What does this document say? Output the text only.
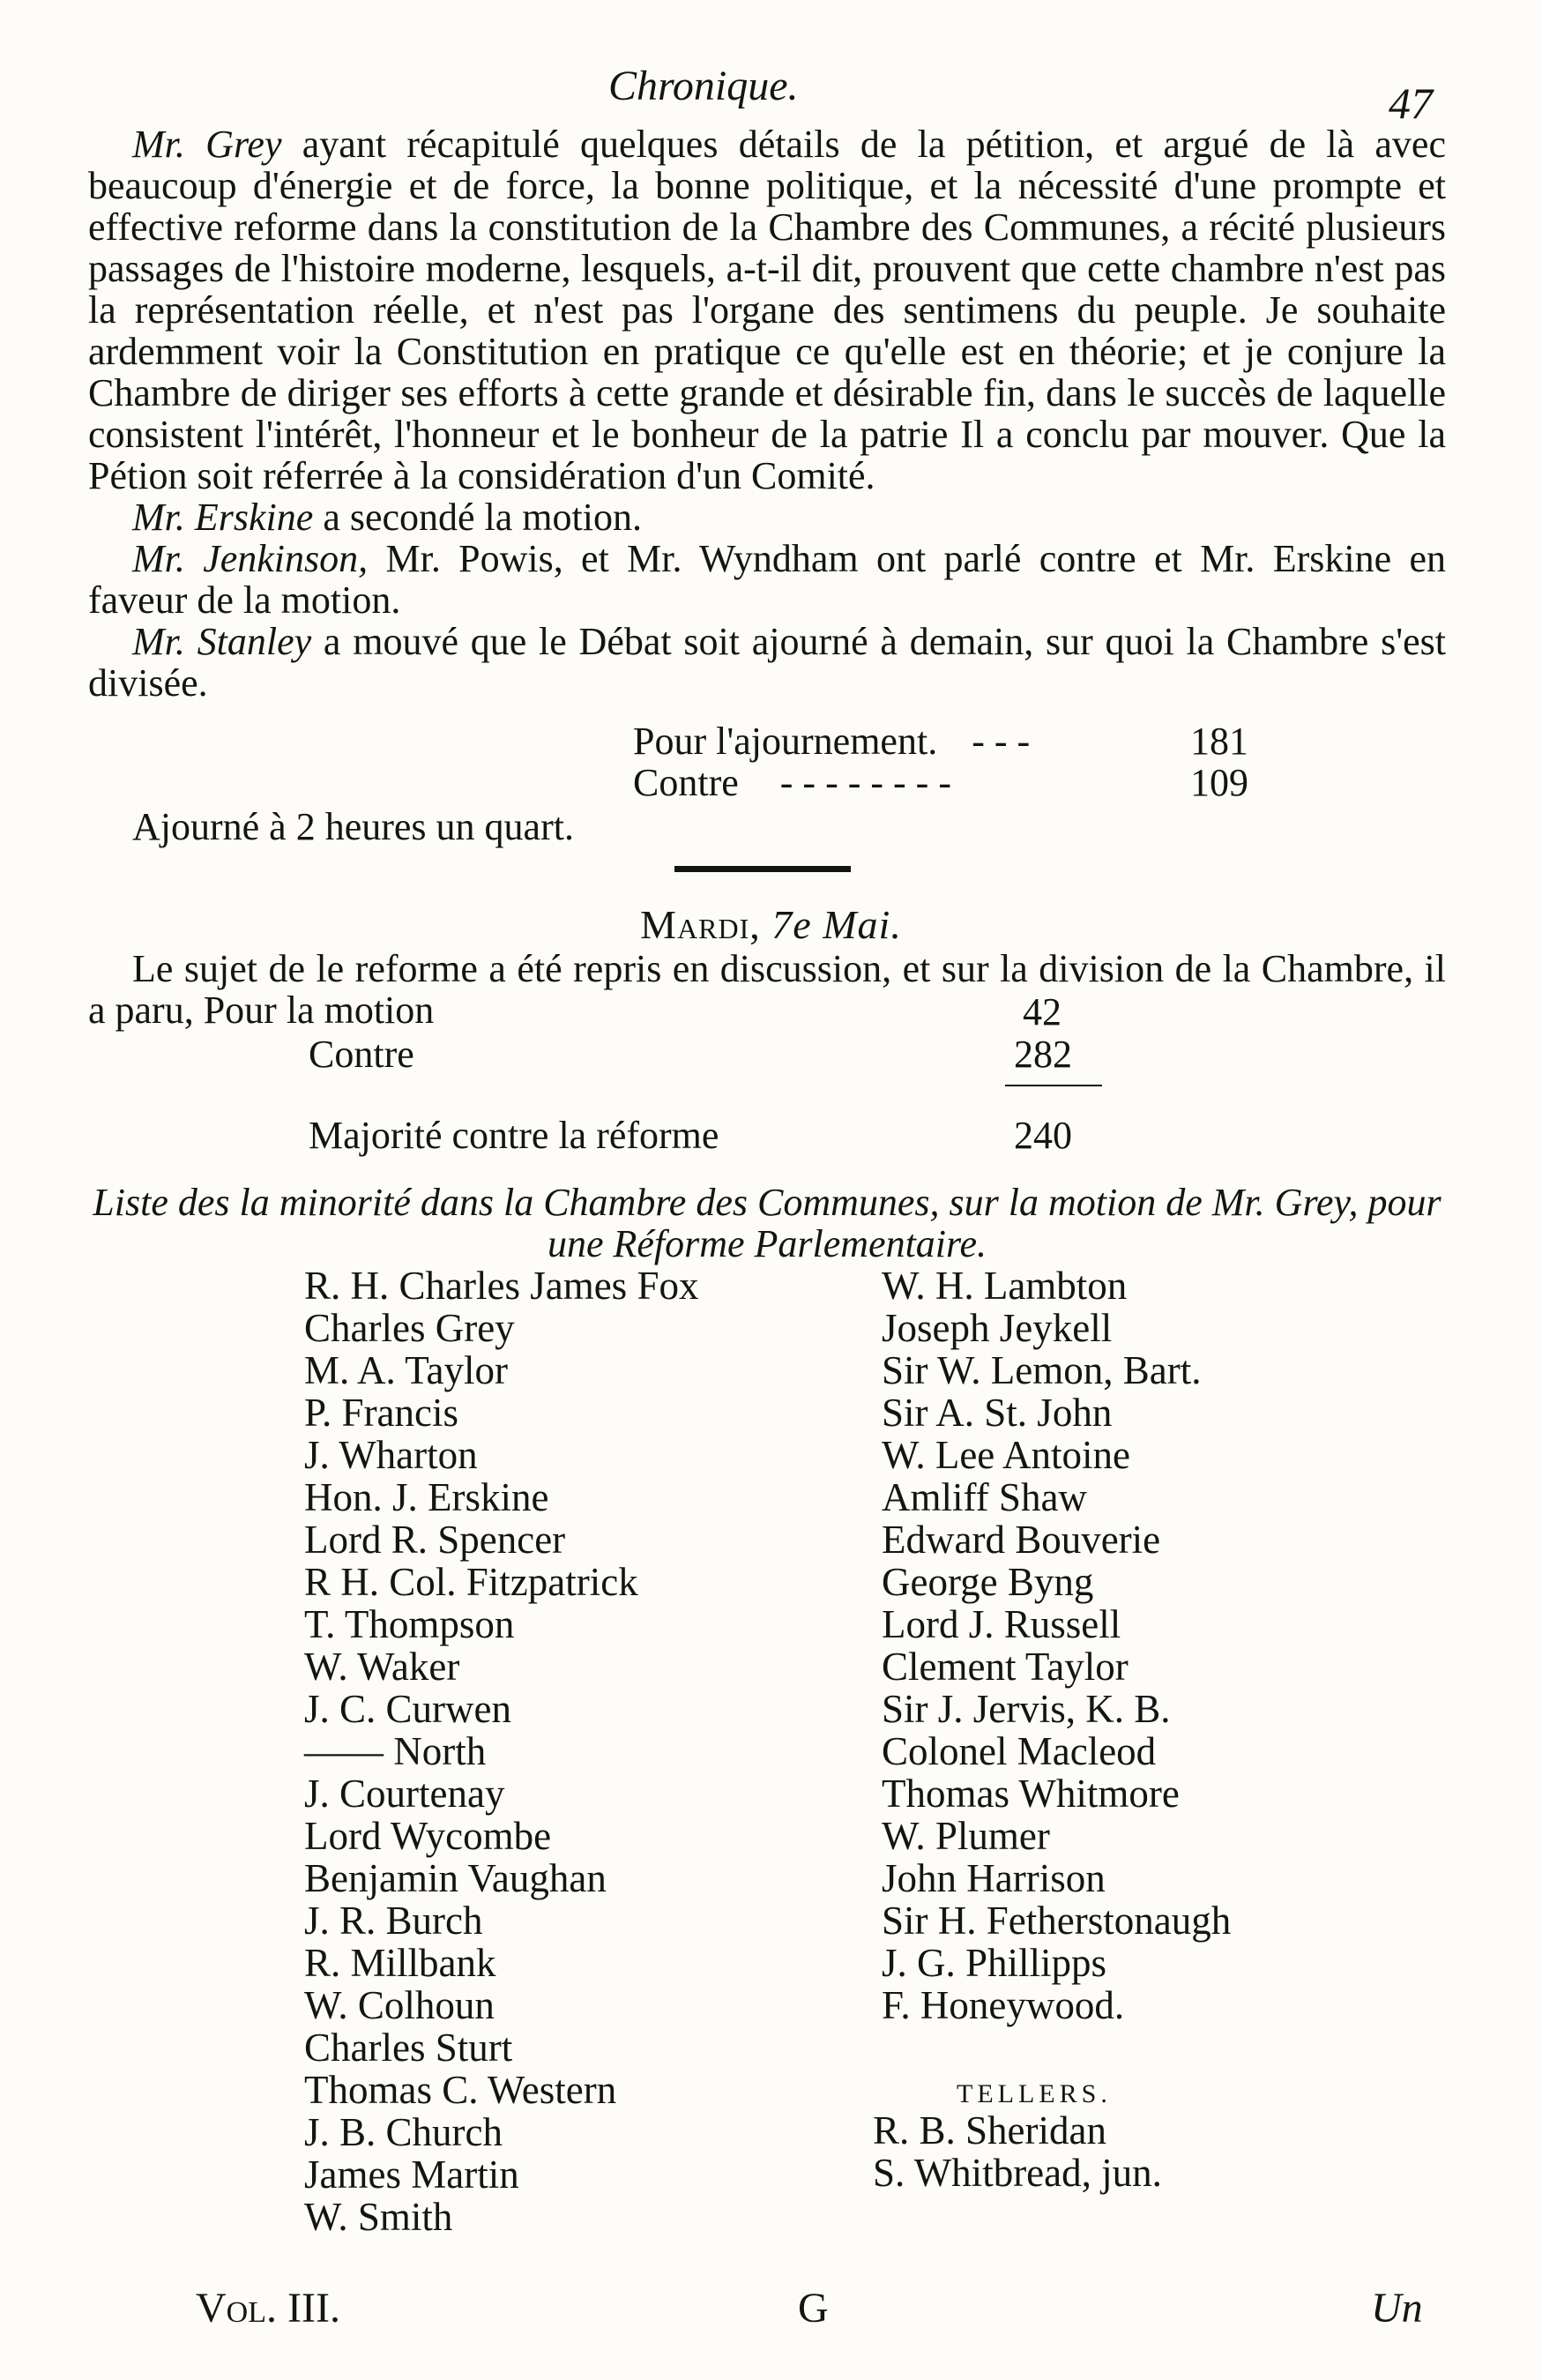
Chronique.	47

Mr. Grey ayant récapitulé quelques détails de la pétition, et argué de là avec beaucoup d'énergie et de force, la bonne politique, et la nécessité d'une prompte et effective reforme dans la constitution de la Chambre des Communes, a récité plusieurs passages de l'histoire moderne, lesquels, a-t-il dit, prouvent que cette chambre n'est pas la représentation réelle, et n'est pas l'organe des sentimens du peuple. Je souhaite ardemment voir la Constitution en pratique ce qu'elle est en théorie; et je conjure la Chambre de diriger ses efforts à cette grande et désirable fin, dans le succès de laquelle consistent l'intérêt, l'honneur et le bonheur de la patrie Il a conclu par mouver. Que la Pétion soit réferrée à la considération d'un Comité.

Mr. Erskine a secondé la motion.

Mr. Jenkinson, Mr. Powis, et Mr. Wyndham ont parlé contre et Mr. Erskine en faveur de la motion.

Mr. Stanley a mouvé que le Débat soit ajourné à demain, sur quoi la Chambre s'est divisée.

Pour l'ajournement. - - -	181
Contre - - - - - - - -	109
Ajourné à 2 heures un quart.
Mardi, 7e Mai.

Le sujet de le reforme a été repris en discussion, et sur la division de la Chambre, il a paru, Pour la motion	42
Contre	282
Majorité contre la réforme	240
Liste des la minorité dans la Chambre des Communes, sur la motion de Mr. Grey, pour une Réforme Parlementaire.
R. H. Charles James Fox
Charles Grey
M. A. Taylor
P. Francis
J. Wharton
Hon. J. Erskine
Lord R. Spencer
R H. Col. Fitzpatrick
T. Thompson
W. Waker
J. C. Curwen
—— North
J. Courtenay
Lord Wycombe
Benjamin Vaughan
J. R. Burch
R. Millbank
W. Colhoun
Charles Sturt
Thomas C. Western
J. B. Church
James Martin
W. Smith
W. H. Lambton
Joseph Jeykell
Sir W. Lemon, Bart.
Sir A. St. John
W. Lee Antoine
Amliff Shaw
Edward Bouverie
George Byng
Lord J. Russell
Clement Taylor
Sir J. Jervis, K. B.
Colonel Macleod
Thomas Whitmore
W. Plumer
John Harrison
Sir H. Fetherstonaugh
J. G. Phillipps
F. Honeywood.
TELLERS.
R. B. Sheridan
S. Whitbread, jun.
Vol. III.	G	Un
